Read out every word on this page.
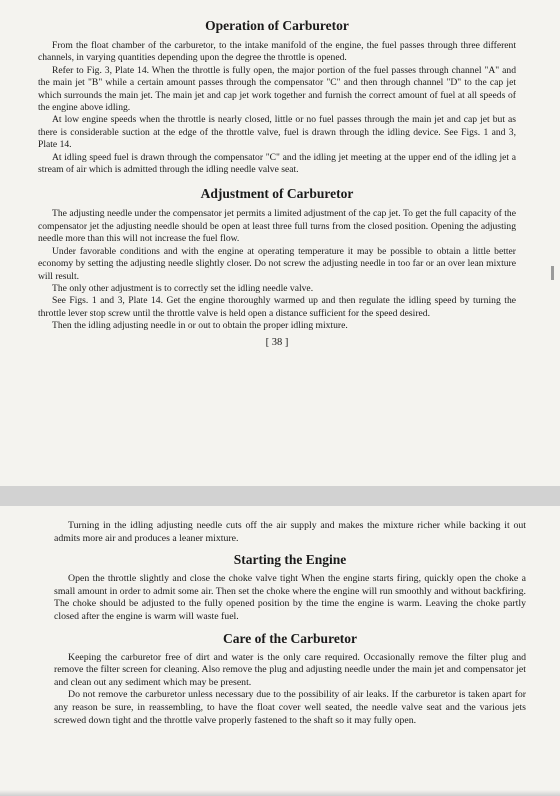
Operation of Carburetor

From the float chamber of the carburetor, to the intake manifold of the engine, the fuel passes through three different channels, in varying quantities depending upon the degree the throttle is opened.

Refer to Fig. 3, Plate 14. When the throttle is fully open, the major portion of the fuel passes through channel "A" and the main jet "B" while a certain amount passes through the compensator "C" and then through channel "D" to the cap jet which surrounds the main jet. The main jet and cap jet work together and furnish the correct amount of fuel at all speeds of the engine above idling.

At low engine speeds when the throttle is nearly closed, little or no fuel passes through the main jet and cap jet but as there is considerable suction at the edge of the throttle valve, fuel is drawn through the idling device. See Figs. 1 and 3, Plate 14.

At idling speed fuel is drawn through the compensator "C" and the idling jet meeting at the upper end of the idling jet a stream of air which is admitted through the idling needle valve seat.

Adjustment of Carburetor

The adjusting needle under the compensator jet permits a limited adjustment of the cap jet. To get the full capacity of the compensator jet the adjusting needle should be open at least three full turns from the closed position. Opening the adjusting needle more than this will not increase the fuel flow.

Under favorable conditions and with the engine at operating temperature it may be possible to obtain a little better economy by setting the adjusting needle slightly closer. Do not screw the adjusting needle in too far or an over lean mixture will result.

The only other adjustment is to correctly set the idling needle valve.

See Figs. 1 and 3, Plate 14. Get the engine thoroughly warmed up and then regulate the idling speed by turning the throttle lever stop screw until the throttle valve is held open a distance sufficient for the speed desired.

Then the idling adjusting needle in or out to obtain the proper idling mixture.

[ 38 ]

Turning in the idling adjusting needle cuts off the air supply and makes the mixture richer while backing it out admits more air and produces a leaner mixture.

Starting the Engine

Open the throttle slightly and close the choke valve tight When the engine starts firing, quickly open the choke a small amount in order to admit some air. Then set the choke where the engine will run smoothly and without backfiring. The choke should be adjusted to the fully opened position by the time the engine is warm. Leaving the choke partly closed after the engine is warm will waste fuel.

Care of the Carburetor

Keeping the carburetor free of dirt and water is the only care required. Occasionally remove the filter plug and remove the filter screen for cleaning. Also remove the plug and adjusting needle under the main jet and compensator jet and clean out any sediment which may be present.

Do not remove the carburetor unless necessary due to the possibility of air leaks. If the carburetor is taken apart for any reason be sure, in reassembling, to have the float cover well seated, the needle valve seat and the various jets screwed down tight and the throttle valve properly fastened to the shaft so it may fully open.
